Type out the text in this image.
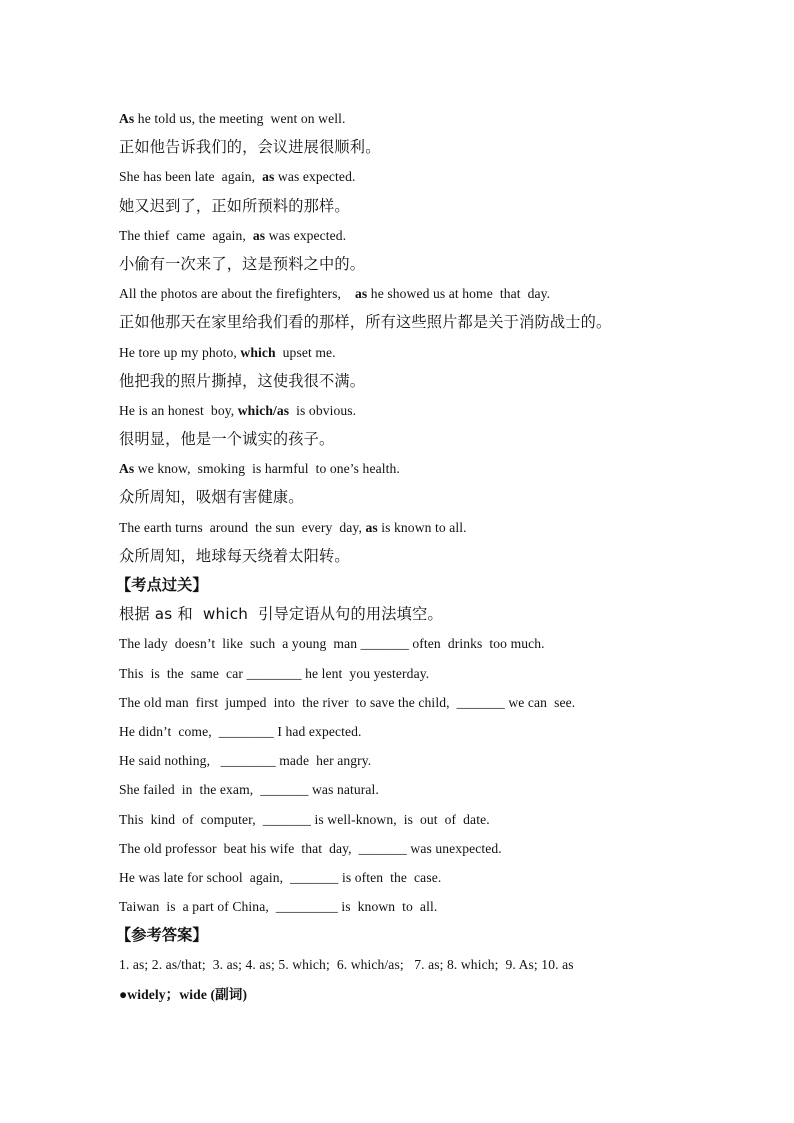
As he told us, the meeting  went on well.
正如他告诉我们的，会议进展很顺利。
She has been late  again,  as was expected.
她又迟到了，正如所预料的那样。
The thief  came  again,  as was expected.
小偷有一次来了，这是预料之中的。
All the photos are about the firefighters,    as he showed us at home  that  day.
正如他那天在家里给我们看的那样，所有这些照片都是关于消防战士的。
He tore up my photo, which  upset me.
他把我的照片撕掉，这使我很不满。
He is an honest  boy, which/as  is obvious.
很明显，他是一个诚实的孩子。
As we know,  smoking  is harmful  to one’s health.
众所周知，吸烟有害健康。
The earth turns  around  the sun  every  day, as is known to all.
众所周知，地球每天绕着太阳转。
【考点过关】
根据 as 和  which  引导定语从句的用法填空。
The lady  doesn’t  like  such  a young  man _______ often  drinks  too much.
This  is  the  same  car ________ he lent  you yesterday.
The old man  first  jumped  into  the river  to save the child,  _______ we can  see.
He didn’t  come,  ________ I had expected.
He said nothing,   ________ made  her angry.
She failed  in  the exam,  _______ was natural.
This  kind  of  computer,  _______ is well-known,  is  out  of  date.
The old professor  beat his wife  that  day,  _______ was unexpected.
He was late for school  again,  _______ is often  the  case.
Taiwan  is  a part of China,  _________ is  known  to  all.
【参考答案】
1. as; 2. as/that;  3. as; 4. as; 5. which;  6. which/as;   7. as; 8. which;  9. As; 10. as
●widely；wide (副词)
